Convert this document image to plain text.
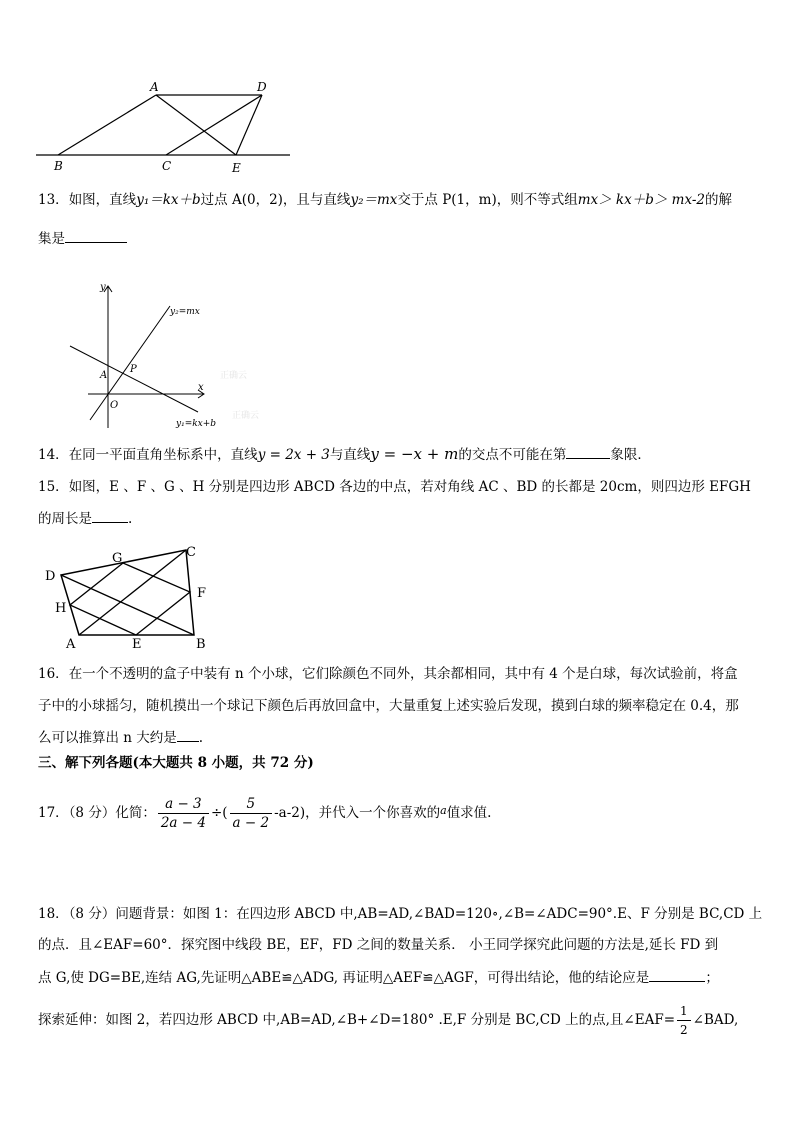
A	D
B	C	E
13．如图，直线y₁＝kx＋b过点 A(0，2)，且与直线y₂＝mx交于点 P(1，m)，则不等式组mx＞ kx＋b＞ mx-2的解
集是
y
x
O
A
P
y₂=mx
y₁=kx+b
正确云
正确云
14．在同一平面直角坐标系中，直线y = 2x + 3与直线y = −x + m的交点不可能在第	象限．
15．如图，E 、F 、G 、H 分别是四边形 ABCD 各边的中点，若对角线 AC 、BD 的长都是 20cm，则四边形 EFGH
的周长是	.
G	C
D
F
H
A	E	B
16．在一个不透明的盒子中装有 n 个小球，它们除颜色不同外，其余都相同，其中有 4 个是白球，每次试验前，将盒
子中的小球摇匀，随机摸出一个球记下颜色后再放回盒中，大量重复上述实验后发现，摸到白球的频率稳定在 0.4，那
么可以推算出 n 大约是 .
三、解下列各题(本大题共 8 小题，共 72 分)
17．（8 分）化简： $\frac{a - 3}{2a - 4}$ ÷( $\frac{5}{a - 2} -a-2$)，并代入一个你喜欢的$^a$值求值.
18．（8 分）问题背景：如图 1：在四边形 ABCD 中,AB=AD,∠BAD=120∘,∠B=∠ADC=90°.E、F 分别是 BC,CD 上
的点．且∠EAF=60°．探究图中线段 BE，EF，FD 之间的数量关系． 小王同学探究此问题的方法是,延长 FD 到
点 G,使 DG=BE,连结 AG,先证明△ABE≌△ADG, 再证明△AEF≌△AGF，可得出结论，他的结论应是	；
探索延伸：如图 2，若四边形 ABCD 中,AB=AD,∠B+∠D=180° .E,F 分别是 BC,CD 上的点,且∠EAF= $\frac{1}{2}$ ∠BAD,
